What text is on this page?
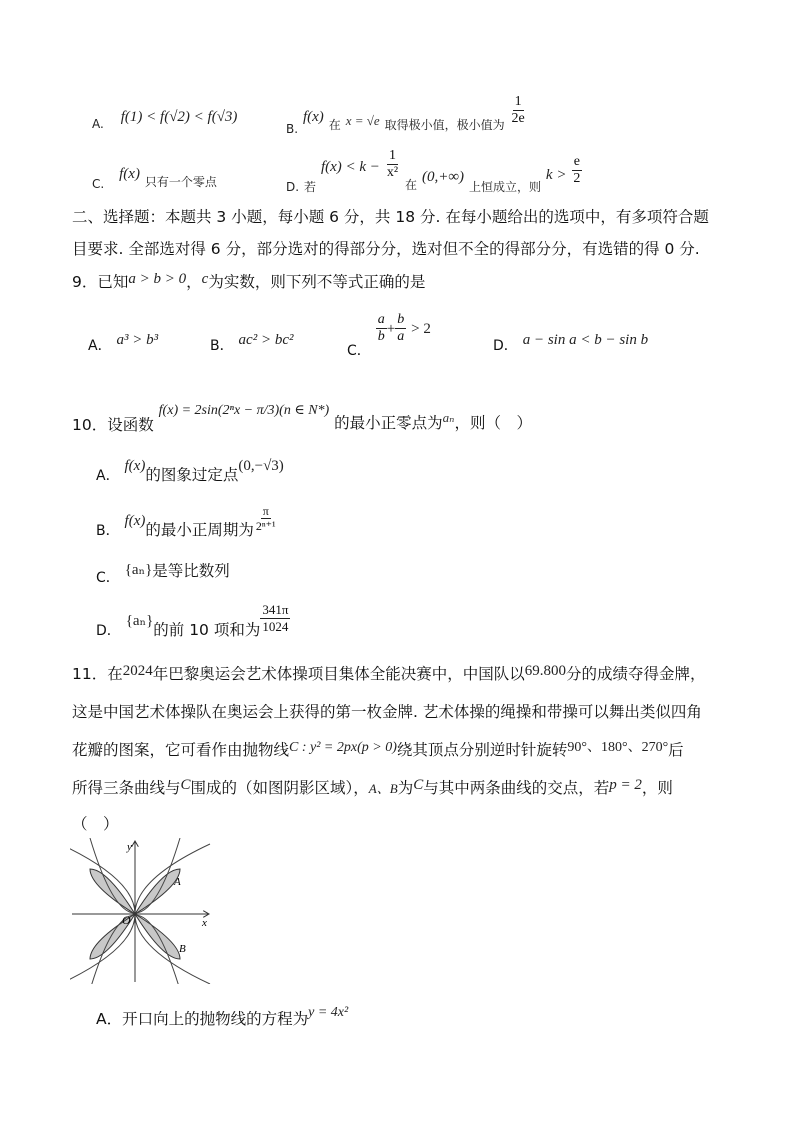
A. f(1) < f(√2) < f(√3)
$_{B.}$ f(x) $_在$ $_{x = √e}$ $_{取得极小值,极小值为} \frac{1}{2e}$
$_{C.}$ f(x) $_{只有一个零点}$	$_{D.}$ $_若$ $f(x) < k - \frac{1}{\text{x²}}$
$_在$ (0,+∞) $_{上恒成立,则}$ $k > \frac{e}{2}$
二、选择题：本题共 3 小题，每小题 6 分，共 18 分. 在每小题给出的选项中，有多项符合题
目要求. 全部选对得 6 分，部分选对的得部分分，选对但不全的得部分分，有选错的得 0 分.
9．已知a > b > 0，c为实数，则下列不等式正确的是
A． a³ > b³	B． ac² > bc²
C．
$\frac{a}{b} + \frac{b}{a} > 2$
D． a − sin a < b − sin b
10．设函数 f(x) = 2sin(2ⁿx − π/3)(n ∈ N*) 的最小正零点为aₙ，则（　）
A． f(x)的图象过定点(0,−√3)
B． f(x)的最小正周期为 $\frac{\pi}{\text{2ⁿ⁺¹}}$
C． {aₙ}是等比数列
D． {aₙ}的前 10 项和为 $\frac{341\pi}{1024}$
11．在2024年巴黎奥运会艺术体操项目集体全能决赛中，中国队以69.800分的成绩夺得金牌，
这是中国艺术体操队在奥运会上获得的第一枚金牌. 艺术体操的绳操和带操可以舞出类似四角
花瓣的图案，它可看作由抛物线C : y² = 2px(p > 0)绕其顶点分别逆时针旋转90°、180°、270°后
所得三条曲线与C围成的（如图阴影区域），A、B为C与其中两条曲线的交点，若p = 2，则
（　）
x
y
O
A
B
A．开口向上的抛物线的方程为y = 4x²
